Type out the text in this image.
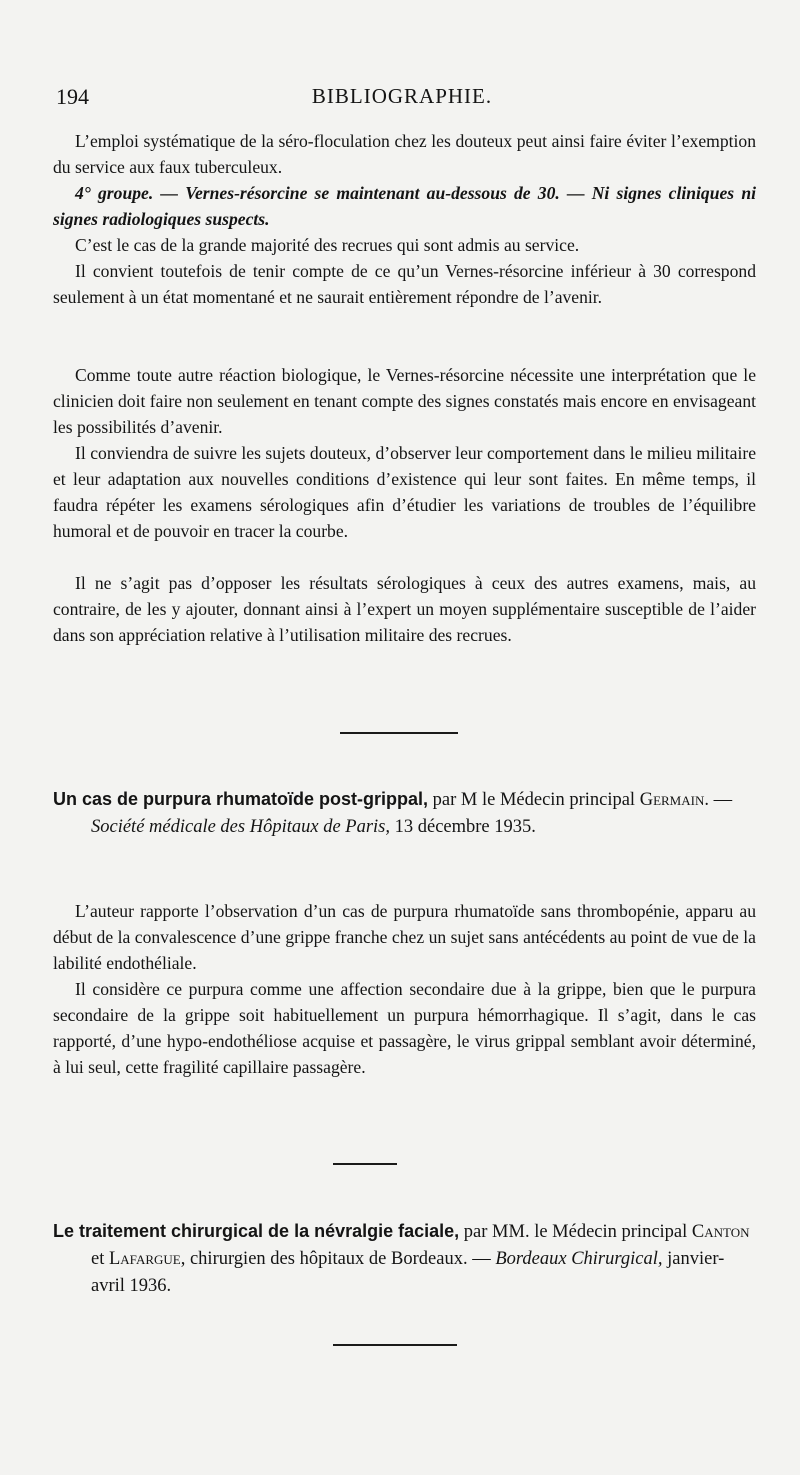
194	BIBLIOGRAPHIE.

L’emploi systématique de la séro-floculation chez les douteux peut ainsi faire éviter l’exemption du service aux faux tuberculeux.

4° groupe. — Vernes-résorcine se maintenant au-dessous de 30. — Ni signes cliniques ni signes radiologiques suspects.

C’est le cas de la grande majorité des recrues qui sont admis au service.

Il convient toutefois de tenir compte de ce qu’un Vernes-résorcine inférieur à 30 correspond seulement à un état momentané et ne saurait entièrement répondre de l’avenir.

Comme toute autre réaction biologique, le Vernes-résorcine nécessite une interprétation que le clinicien doit faire non seulement en tenant compte des signes constatés mais encore en envisageant les possibilités d’avenir.

Il conviendra de suivre les sujets douteux, d’observer leur comportement dans le milieu militaire et leur adaptation aux nouvelles conditions d’existence qui leur sont faites. En même temps, il faudra répéter les examens sérologiques afin d’étudier les variations de troubles de l’équilibre humoral et de pouvoir en tracer la courbe.

Il ne s’agit pas d’opposer les résultats sérologiques à ceux des autres examens, mais, au contraire, de les y ajouter, donnant ainsi à l’expert un moyen supplémentaire susceptible de l’aider dans son appréciation relative à l’utilisation militaire des recrues.

Un cas de purpura rhumatoïde post-grippal, par M le Médecin principal Germain. — Société médicale des Hôpitaux de Paris, 13 décembre 1935.

L’auteur rapporte l’observation d’un cas de purpura rhumatoïde sans thrombopénie, apparu au début de la convalescence d’une grippe franche chez un sujet sans antécédents au point de vue de la labilité endothéliale.

Il considère ce purpura comme une affection secondaire due à la grippe, bien que le purpura secondaire de la grippe soit habituellement un purpura hémorrhagique. Il s’agit, dans le cas rapporté, d’une hypo-endothéliose acquise et passagère, le virus grippal semblant avoir déterminé, à lui seul, cette fragilité capillaire passagère.

Le traitement chirurgical de la névralgie faciale, par MM. le Médecin principal Canton et Lafargue, chirurgien des hôpitaux de Bordeaux. — Bordeaux Chirurgical, janvier-avril 1936.
